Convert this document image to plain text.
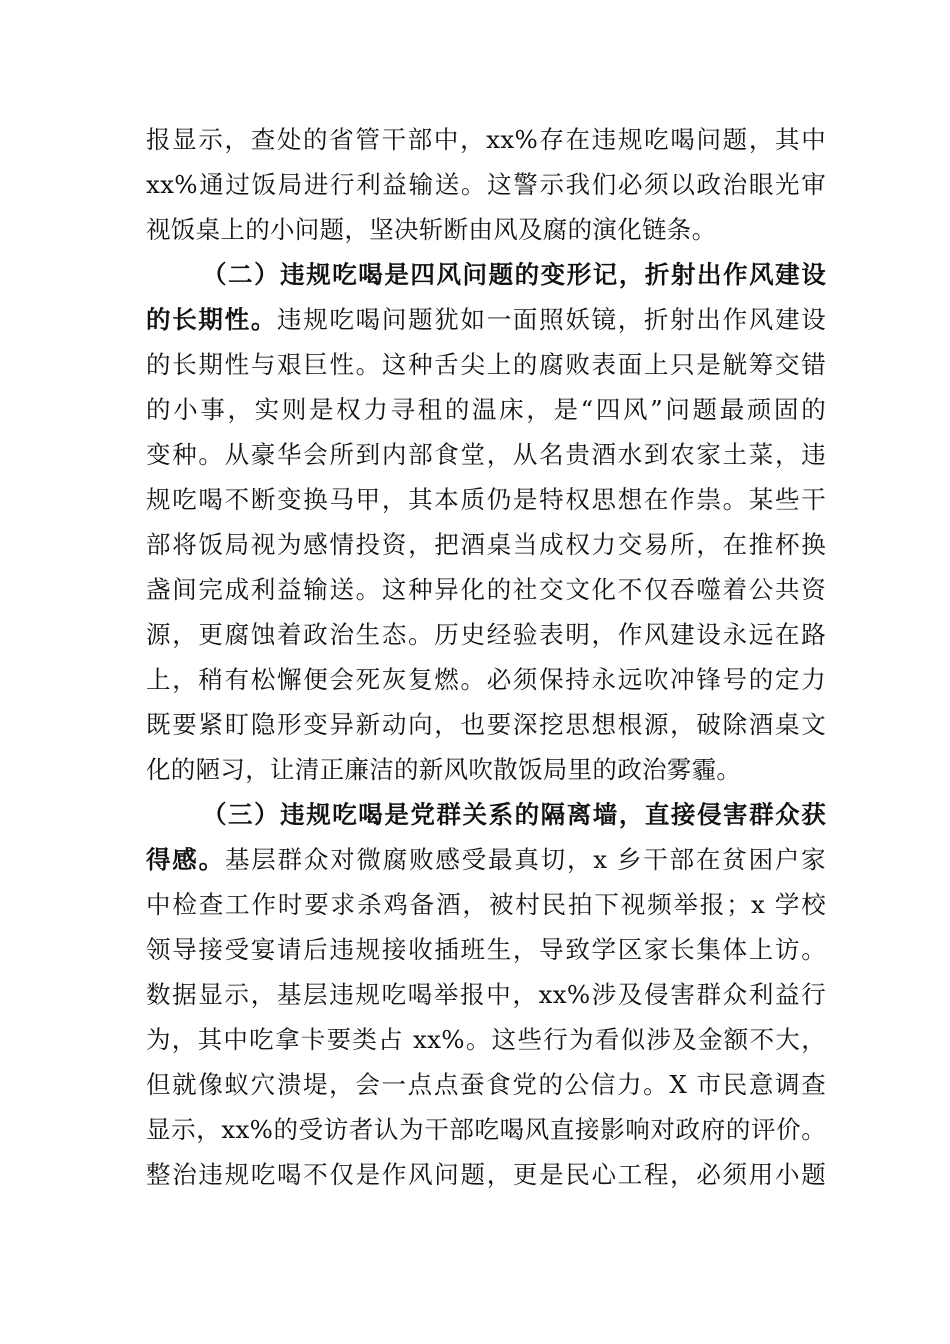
报显示，查处的省管干部中，xx%存在违规吃喝问题，其中
xx%通过饭局进行利益输送。这警示我们必须以政治眼光审
视饭桌上的小问题，坚决斩断由风及腐的演化链条。
（二）违规吃喝是四风问题的变形记，折射出作风建设
的长期性。违规吃喝问题犹如一面照妖镜，折射出作风建设
的长期性与艰巨性。这种舌尖上的腐败表面上只是觥筹交错
的小事，实则是权力寻租的温床，是“四风”问题最顽固的
变种。从豪华会所到内部食堂，从名贵酒水到农家土菜，违
规吃喝不断变换马甲，其本质仍是特权思想在作祟。某些干
部将饭局视为感情投资，把酒桌当成权力交易所，在推杯换
盏间完成利益输送。这种异化的社交文化不仅吞噬着公共资
源，更腐蚀着政治生态。历史经验表明，作风建设永远在路
上，稍有松懈便会死灰复燃。必须保持永远吹冲锋号的定力
既要紧盯隐形变异新动向，也要深挖思想根源，破除酒桌文
化的陋习，让清正廉洁的新风吹散饭局里的政治雾霾。
（三）违规吃喝是党群关系的隔离墙，直接侵害群众获
得感。基层群众对微腐败感受最真切，x 乡干部在贫困户家
中检查工作时要求杀鸡备酒，被村民拍下视频举报；x 学校
领导接受宴请后违规接收插班生，导致学区家长集体上访。
数据显示，基层违规吃喝举报中，xx%涉及侵害群众利益行
为，其中吃拿卡要类占 xx%。这些行为看似涉及金额不大，
但就像蚁穴溃堤，会一点点蚕食党的公信力。X 市民意调查
显示，xx%的受访者认为干部吃喝风直接影响对政府的评价。
整治违规吃喝不仅是作风问题，更是民心工程，必须用小题
